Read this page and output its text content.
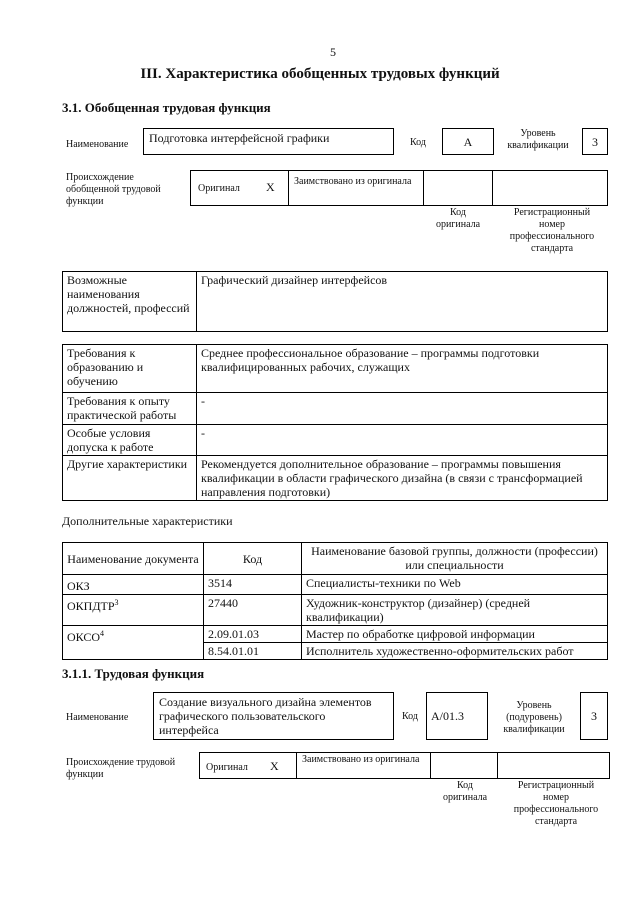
5
III. Характеристика обобщенных трудовых функций
3.1. Обобщенная трудовая функция
Наименование	Подготовка интерфейсной графики	Код	A
Уровень квалификации	3
Происхождение обобщенной трудовой функции
Оригинал X Заимствовано из оригинала
Код оригинала
Регистрационный номер профессионального стандарта
Возможные наименования должностей, профессий	Графический дизайнер интерфейсов
Требования к образованию и обучению	Среднее профессиональное образование – программы подготовки квалифицированных рабочих, служащих
Требования к опыту практической работы	-
Особые условия допуска к работе	-
Другие характеристики	Рекомендуется дополнительное образование – программы повышения квалификации в области графического дизайна (в связи с трансформацией направления подготовки)
Дополнительные характеристики
Наименование документа	Код	Наименование базовой группы, должности (профессии) или специальности
ОКЗ	3514	Специалисты-техники по Web
ОКПДТР$^3$	27440	Художник-конструктор (дизайнер) (средней квалификации)
ОКСО$^4$	2.09.01.03	Мастер по обработке цифровой информации
	8.54.01.01	Исполнитель художественно-оформительских работ
3.1.1. Трудовая функция
Наименование
Создание визуального дизайна элементов графического пользовательского интерфейса
Код	A/01.3
Уровень (подуровень) квалификации
3
Происхождение трудовой функции
Оригинал X Заимствовано из оригинала
Код оригинала
Регистрационный номер профессионального стандарта
